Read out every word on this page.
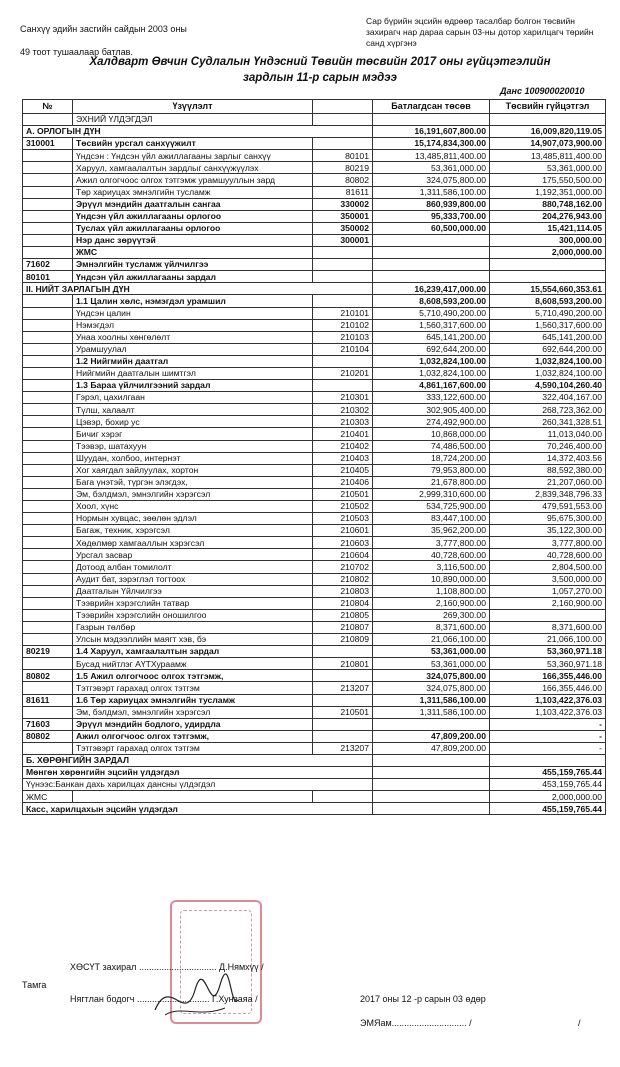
Санхүү эдийн засгийн сайдын 2003 оны
49 тоот тушаалаар батлав.
Сар бүрийн эцсийн өдрөөр тасалбар болгон төсвийн захирагч нар дараа сарын 03-ны дотор харилцагч төрийн санд хүргэнэ
Халдварт Өвчин Судлалын Үндэсний Төвийн төсвийн 2017 оны гүйцэтгэлийн
зардлын 11-р сарын мэдээ
Данс 100900020010
№	Үзүүлэлт		Батлагдсан төсөв	Төсвийн гүйцэтгэл
	ЭХНИЙ ҮЛДЭГДЭЛ			
А. ОРЛОГЫН ДҮН			16,191,607,800.00	16,009,820,119.05
310001	Төсвийн урсгал санхүүжилт		15,174,834,300.00	14,907,073,900.00
	Үндсэн : Үндсэн үйл ажиллагааны зарлыг санхүү	80101	13,485,811,400.00	13,485,811,400.00
	Харуул, хамгаалалтын зардлыг санхүүжүүлэх	80219	53,361,000.00	53,361,000.00
	Ажил олгогчоос олгох тэтгэмж урамшууллын зард	80802	324,075,800.00	175,550,500.00
	Төр хариуцах эмнэлгийн тусламж	81611	1,311,586,100.00	1,192,351,000.00
	Эрүүл мэндийн даатгалын сангаа	330002	860,939,800.00	880,748,162.00
	Үндсэн үйл ажиллагааны орлогоо	350001	95,333,700.00	204,276,943.00
	Туслах үйл ажиллагааны орлогоо	350002	60,500,000.00	15,421,114.05
	Нэр данс зөрүүтэй	300001		300,000.00
	ЖМС			2,000,000.00
71602	Эмнэлгийн тусламж үйлчилгээ			
80101	Үндсэн үйл ажиллагааны зардал			
II. НИЙТ ЗАРЛАГЫН ДҮН			16,239,417,000.00	15,554,660,353.61
	1.1 Цалин хөлс, нэмэгдэл урамшил		8,608,593,200.00	8,608,593,200.00
	Үндсэн цалин	210101	5,710,490,200.00	5,710,490,200.00
	Нэмэгдэл	210102	1,560,317,600.00	1,560,317,600.00
	Унаа хоолны хөнгөлөлт	210103	645,141,200.00	645,141,200.00
	Урамшуулал	210104	692,644,200.00	692,644,200.00
	1.2 Нийгмийн даатгал		1,032,824,100.00	1,032,824,100.00
	Нийгмийн даатгалын шимтгэл	210201	1,032,824,100.00	1,032,824,100.00
	1.3 Бараа үйлчилгээний зардал		4,861,167,600.00	4,590,104,260.40
	Гэрэл, цахилгаан	210301	333,122,600.00	322,404,167.00
	Түлш, халаалт	210302	302,905,400.00	268,723,362.00
	Цэвэр, бохир ус	210303	274,492,900.00	260,341,328.51
	Бичиг хэрэг	210401	10,868,000.00	11,013,040.00
	Тээвэр, шатахуун	210402	74,486,500.00	70,246,400.00
	Шуудан, холбоо, интернэт	210403	18,724,200.00	14,372,403.56
	Хог хаягдал зайлуулах, хортон	210405	79,953,800.00	88,592,380.00
	Бага үнэтэй, түргэн элэгдэх,	210406	21,678,800.00	21,207,060.00
	Эм, бэлдмэл, эмнэлгийн хэрэгсэл	210501	2,999,310,600.00	2,839,348,796.33
	Хоол, хүнс	210502	534,725,900.00	479,591,553.00
	Нормын хувцас, зөөлөн эдлэл	210503	83,447,100.00	95,675,300.00
	Багаж, техник, хэрэгсэл	210601	35,962,200.00	35,122,300.00
	Хөдөлмөр хамгааллын хэрэгсэл	210603	3,777,800.00	3,777,800.00
	Урсгал засвар	210604	40,728,600.00	40,728,600.00
	Дотоод албан томилолт	210702	3,116,500.00	2,804,500.00
	Аудит бат, зэрэглэл тогтоох	210802	10,890,000.00	3,500,000.00
	Даатгалын Үйлчилгээ	210803	1,108,800.00	1,057,270.00
	Тээврийн хэрэгслийн татвар	210804	2,160,900.00	2,160,900.00
	Тээврийн хэрэгслийн оношилгоо	210805	269,300.00	
	Газрын төлбөр	210807	8,371,600.00	8,371,600.00
	Улсын мэдээллийн маягт хэв, бэ	210809	21,066,100.00	21,066,100.00
80219	1.4 Харуул, хамгаалалтын зардал		53,361,000.00	53,360,971.18
	Бусад нийтлэг АҮТХураамж	210801	53,361,000.00	53,360,971.18
80802	1.5 Ажил олгогчоос олгох тэтгэмж,		324,075,800.00	166,355,446.00
	Тэтгэвэрт гарахад олгох тэтгэм	213207	324,075,800.00	166,355,446.00
81611	1.6 Төр хариуцах эмнэлгийн тусламж		1,311,586,100.00	1,103,422,376.03
	Эм, бэлдмэл, эмнэлгийн хэрэгсэл	210501	1,311,586,100.00	1,103,422,376.03
71603	Эрүүл мэндийн бодлого, удирдла			-
80802	Ажил олгогчоос олгох тэтгэмж,		47,809,200.00	-
	Тэтгэвэрт гарахад олгох тэтгэм	213207	47,809,200.00	-
Б. ХӨРӨНГИЙН ЗАРДАЛ				
Мөнгөн хөрөнгийн эцсийн үлдэгдэл				455,159,765.44
Үүнээс:Банкан дахь харилцах дансны үлдэгдэл				453,159,765.44
ЖМС				2,000,000.00
Касс, харилцахын эцсийн үлдэгдэл				455,159,765.44
ХӨСҮТ захирал ............................... Д.Нямхүү /
Тамга
Нягтлан бодогч ............................. Г.Хунзаяа /	2017 оны 12 -р сарын 03 өдөр
ЭМЯам.............................. /	/
